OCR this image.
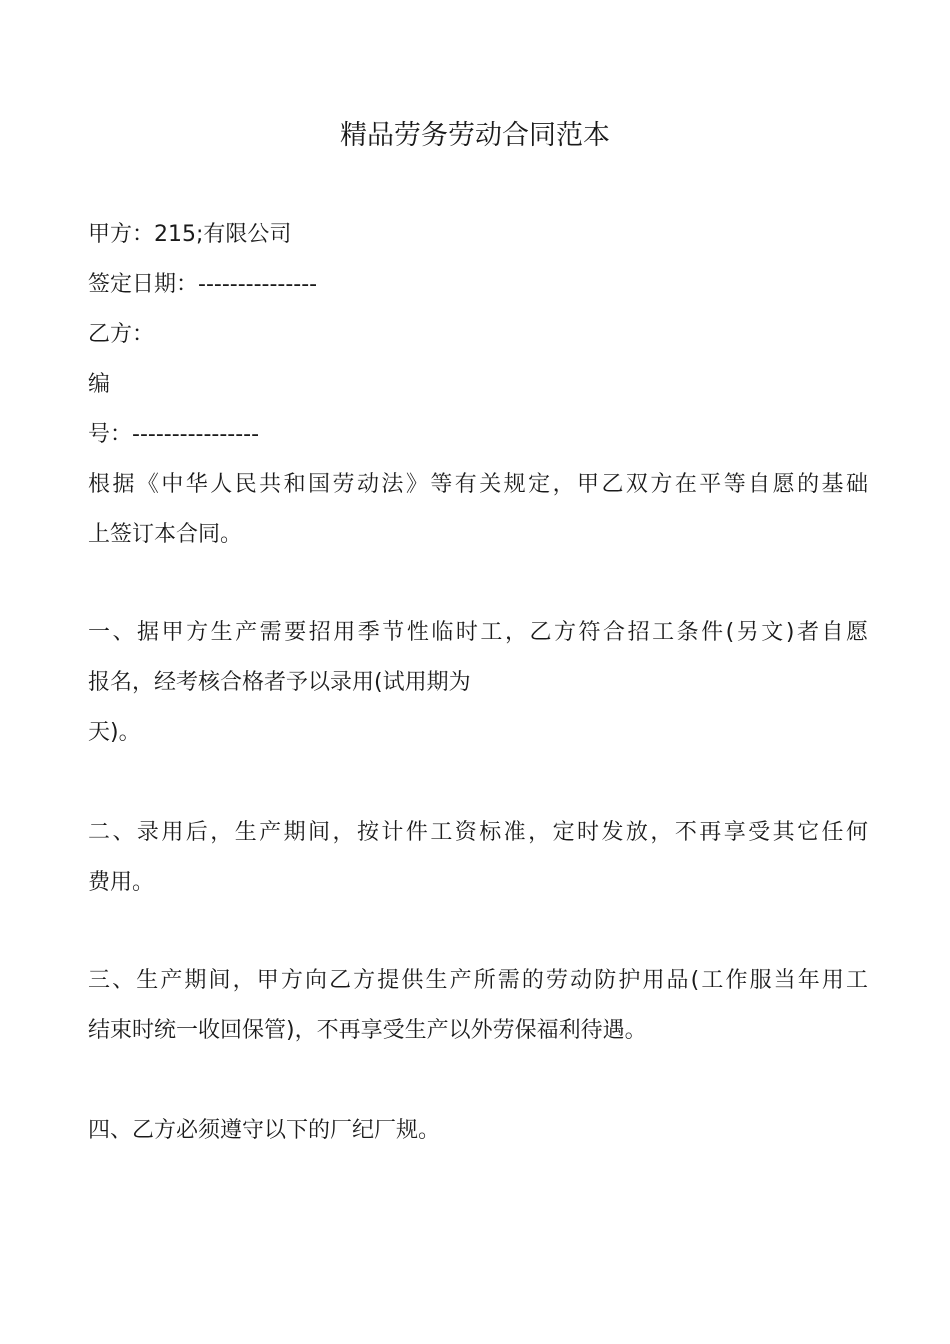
精品劳务劳动合同范本

甲方：215;有限公司

签定日期：---------------

乙方：

编

号：----------------

根据《中华人民共和国劳动法》等有关规定，甲乙双方在平等自愿的基础

上签订本合同。

一、据甲方生产需要招用季节性临时工，乙方符合招工条件(另文)者自愿

报名，经考核合格者予以录用(试用期为

天)。

二、录用后，生产期间，按计件工资标准，定时发放，不再享受其它任何

费用。

三、生产期间，甲方向乙方提供生产所需的劳动防护用品(工作服当年用工

结束时统一收回保管)，不再享受生产以外劳保福利待遇。

四、乙方必须遵守以下的厂纪厂规。
